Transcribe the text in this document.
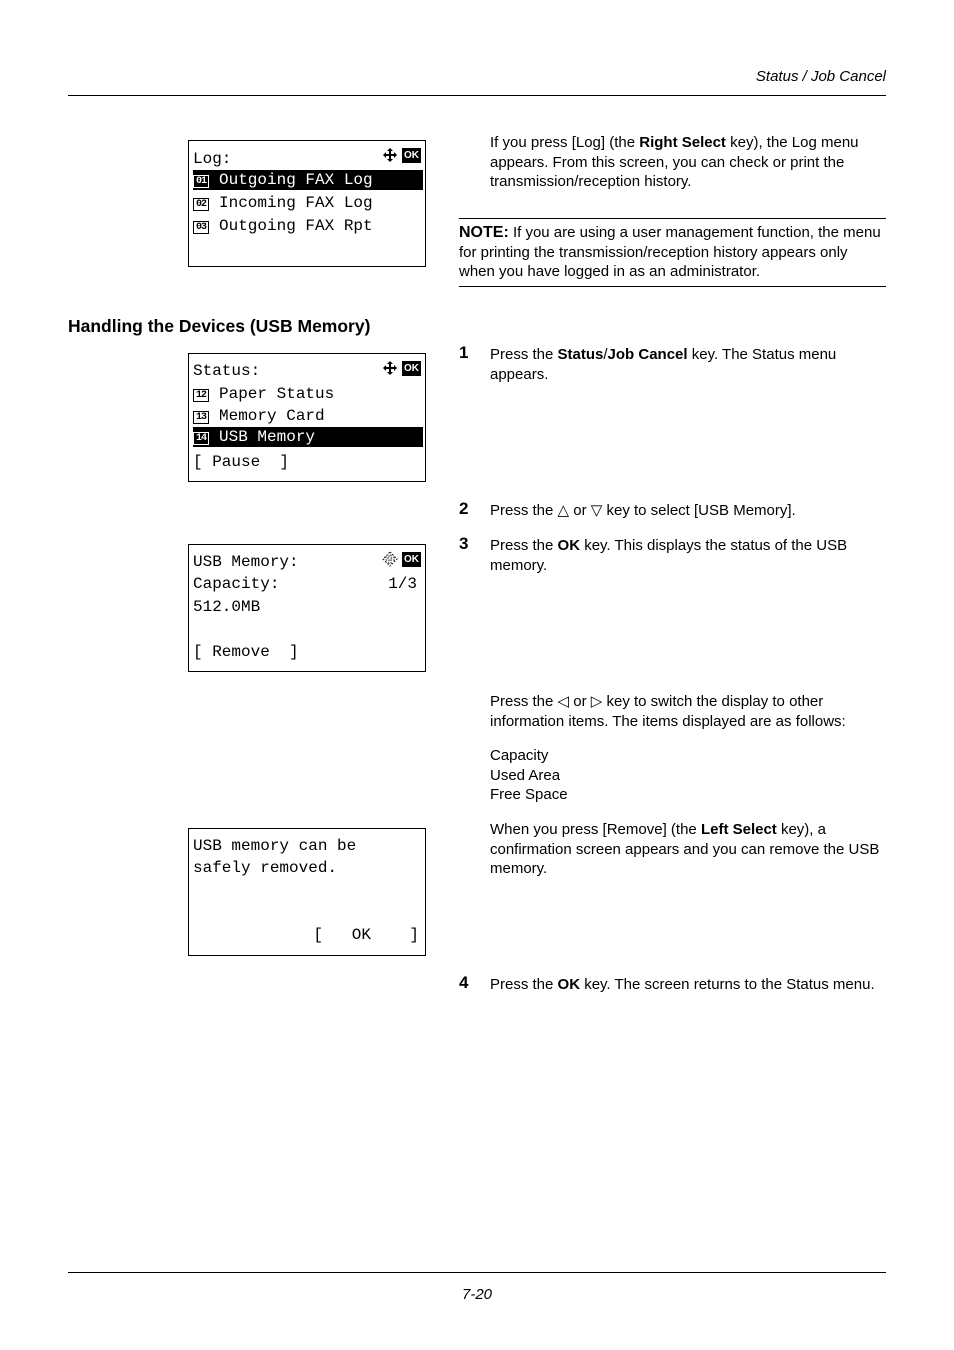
Status / Job Cancel
Log:	OK
01 Outgoing FAX Log
02 Incoming FAX Log
03 Outgoing FAX Rpt
If you press [Log] (the Right Select key), the Log menu appears. From this screen, you can check or print the transmission/reception history.
NOTE: If you are using a user management function, the menu for printing the transmission/reception history appears only when you have logged in as an administrator.
Handling the Devices (USB Memory)
Status:	OK
12 Paper Status
13 Memory Card
14 USB Memory
[ Pause  ]
1 Press the Status/Job Cancel key. The Status menu appears.
2 Press the △ or ▽ key to select [USB Memory].
3 Press the OK key. This displays the status of the USB memory.
USB Memory:	OK
Capacity:	1/3
512.0MB
[ Remove  ]
Press the ◁ or ▷ key to switch the display to other information items. The items displayed are as follows:
Capacity
Used Area
Free Space
When you press [Remove] (the Left Select key), a confirmation screen appears and you can remove the USB memory.
USB memory can be
safely removed.
[   OK    ]
4 Press the OK key. The screen returns to the Status menu.
7-20
